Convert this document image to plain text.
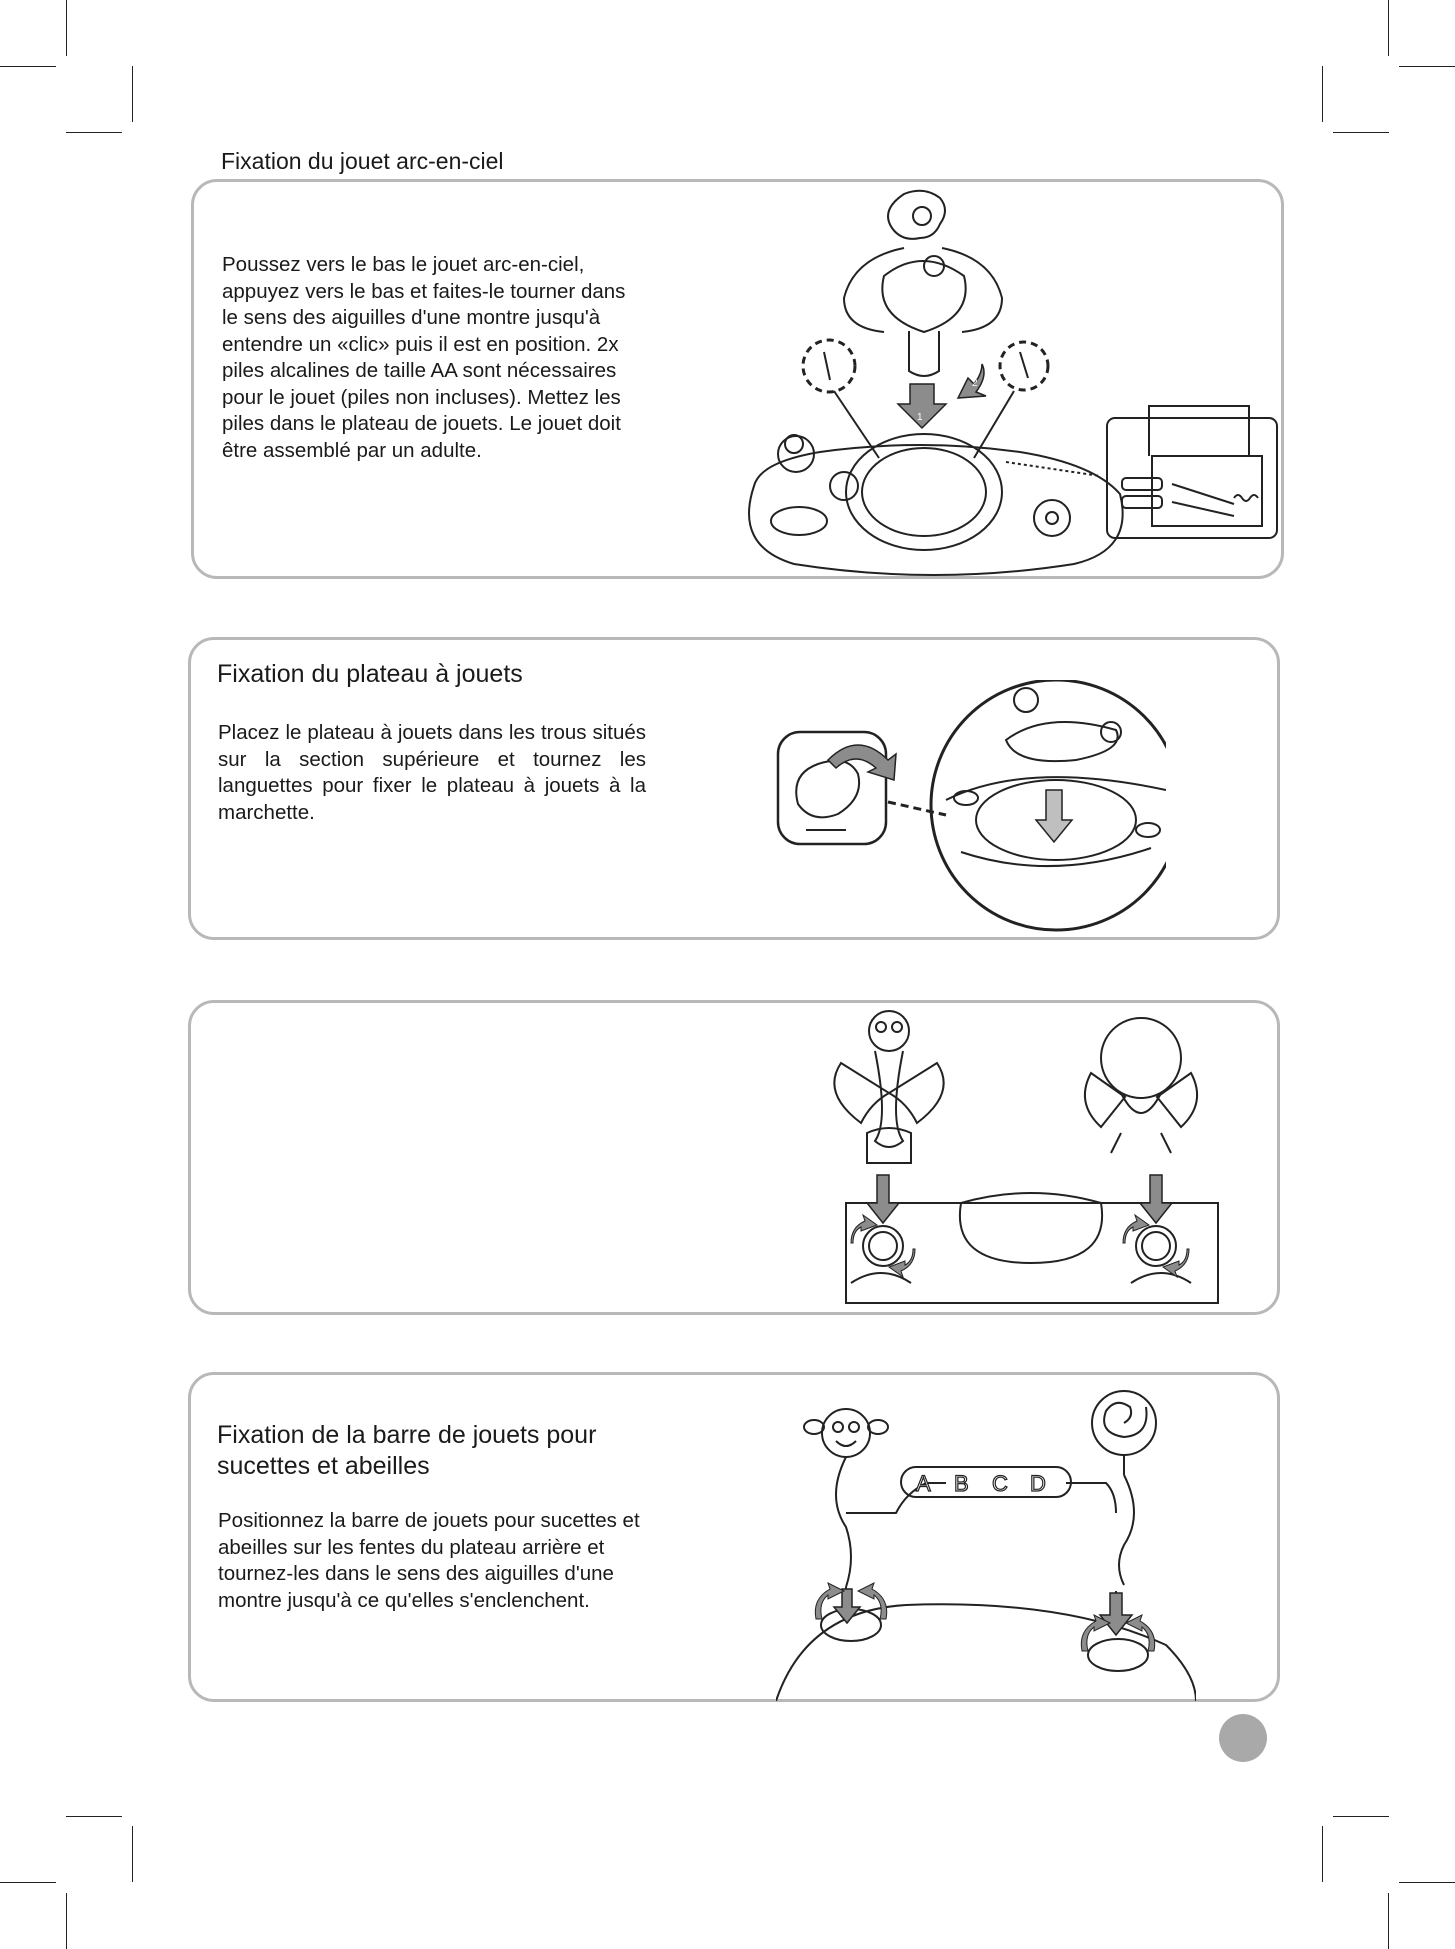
Fixation du jouet arc-en-ciel

Poussez vers le bas le jouet arc-en-ciel, appuyez vers le bas et faites-le tourner dans le sens des aiguilles d'une montre jusqu'à entendre un «clic» puis il est en position. 2x piles alcalines de taille AA sont nécessaires pour le jouet (piles non incluses). Mettez les piles dans le plateau de jouets. Le jouet doit être assemblé par un adulte.

1
2
Fixation du plateau à jouets

Placez le plateau à jouets dans les trous situés sur la section supérieure et tournez les languettes pour fixer le plateau à jouets à la marchette.

Fixation de la barre de jouets pour sucettes et abeilles

Positionnez la barre de jouets pour sucettes et abeilles sur les fentes du plateau arrière et tournez-les dans le sens des aiguilles d'une montre jusqu'à ce qu'elles s'enclenchent.

A B C D
